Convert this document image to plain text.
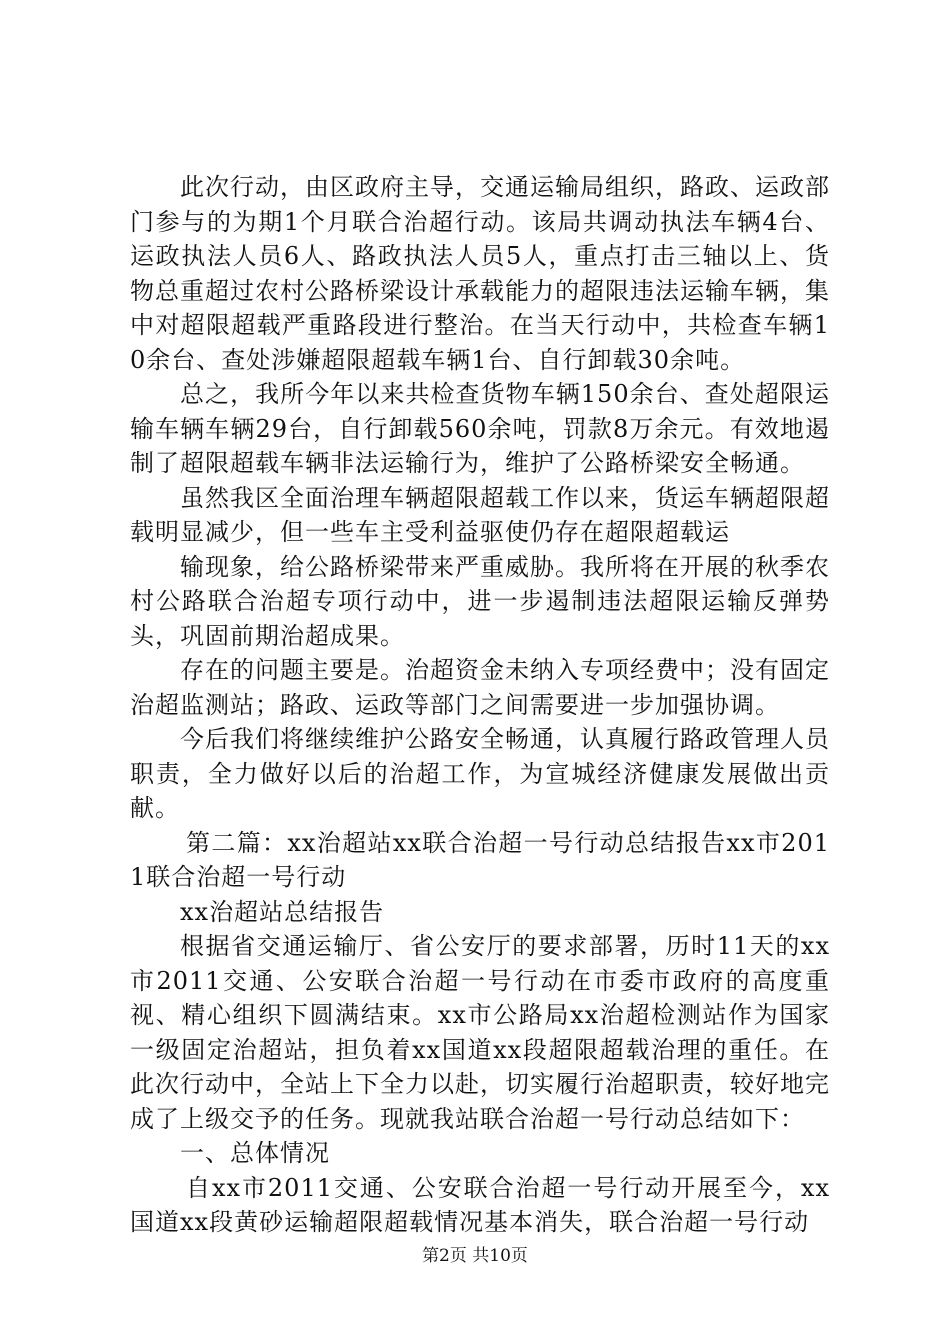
此次行动，由区政府主导，交通运输局组织，路政、运政部门参与的为期1个月联合治超行动。该局共调动执法车辆4台、运政执法人员6人、路政执法人员5人，重点打击三轴以上、货物总重超过农村公路桥梁设计承载能力的超限违法运输车辆，集中对超限超载严重路段进行整治。在当天行动中，共检查车辆10余台、查处涉嫌超限超载车辆1台、自行卸载30余吨。

总之，我所今年以来共检查货物车辆150余台、查处超限运输车辆车辆29台，自行卸载560余吨，罚款8万余元。有效地遏制了超限超载车辆非法运输行为，维护了公路桥梁安全畅通。

虽然我区全面治理车辆超限超载工作以来，货运车辆超限超载明显减少，但一些车主受利益驱使仍存在超限超载运

输现象，给公路桥梁带来严重威胁。我所将在开展的秋季农村公路联合治超专项行动中，进一步遏制违法超限运输反弹势头，巩固前期治超成果。

存在的问题主要是。治超资金未纳入专项经费中；没有固定治超监测站；路政、运政等部门之间需要进一步加强协调。

今后我们将继续维护公路安全畅通，认真履行路政管理人员职责，全力做好以后的治超工作，为宣城经济健康发展做出贡献。

第二篇：xx治超站xx联合治超一号行动总结报告xx市2011联合治超一号行动

xx治超站总结报告

根据省交通运输厅、省公安厅的要求部署，历时11天的xx市2011交通、公安联合治超一号行动在市委市政府的高度重视、精心组织下圆满结束。xx市公路局xx治超检测站作为国家一级固定治超站，担负着xx国道xx段超限超载治理的重任。在此次行动中，全站上下全力以赴，切实履行治超职责，较好地完成了上级交予的任务。现就我站联合治超一号行动总结如下：

一、总体情况

自xx市2011交通、公安联合治超一号行动开展至今，xx国道xx段黄砂运输超限超载情况基本消失，联合治超一号行动

第2页 共10页
